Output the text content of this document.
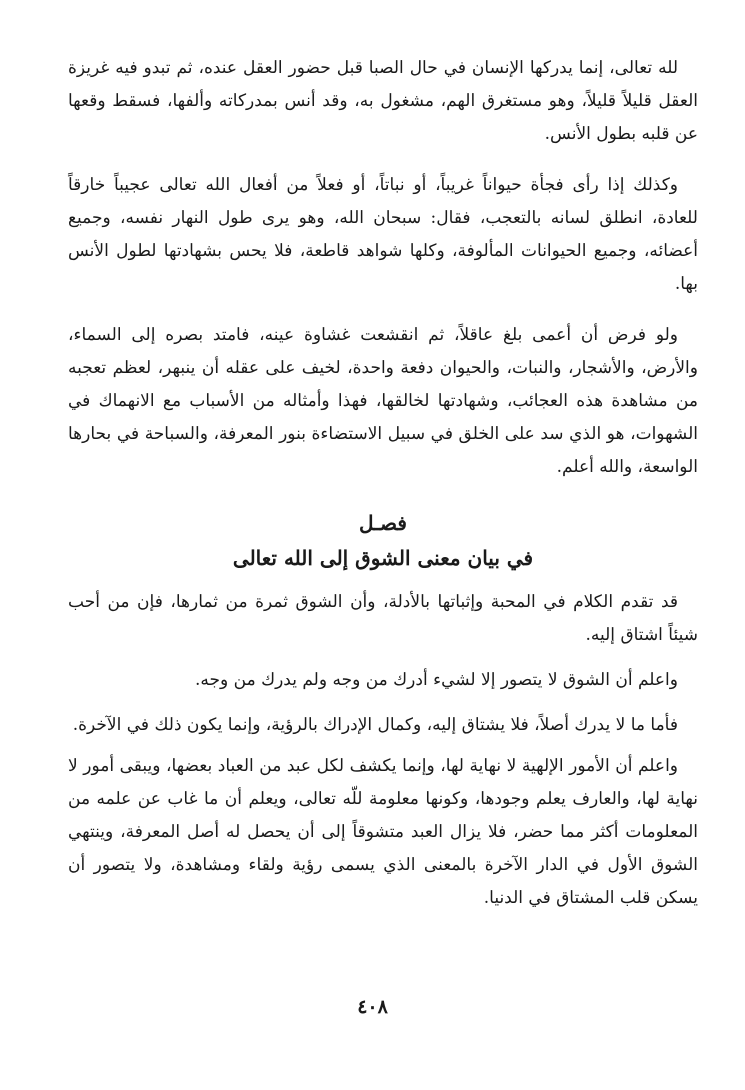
لله تعالى، إنما يدركها الإنسان في حال الصبا قبل حضور العقل عنده، ثم تبدو فيه غريزة العقل قليلاً قليلاً، وهو مستغرق الهم، مشغول به، وقد أنس بمدركاته وألفها، فسقط وقعها عن قلبه بطول الأنس.

وكذلك إذا رأى فجأة حيواناً غريباً، أو نباتاً، أو فعلاً من أفعال الله تعالى عجيباً خارقاً للعادة، انطلق لسانه بالتعجب، فقال: سبحان الله، وهو يرى طول النهار نفسه، وجميع أعضائه، وجميع الحيوانات المألوفة، وكلها شواهد قاطعة، فلا يحس بشهادتها لطول الأنس بها.

ولو فرض أن أعمى بلغ عاقلاً، ثم انقشعت غشاوة عينه، فامتد بصره إلى السماء، والأرض، والأشجار، والنبات، والحيوان دفعة واحدة، لخيف على عقله أن ينبهر، لعظم تعجبه من مشاهدة هذه العجائب، وشهادتها لخالقها، فهذا وأمثاله من الأسباب مع الانهماك في الشهوات، هو الذي سد على الخلق في سبيل الاستضاءة بنور المعرفة، والسباحة في بحارها الواسعة، والله أعلم.

فصـل

في بيان معنى الشوق إلى الله تعالى

قد تقدم الكلام في المحبة وإثباتها بالأدلة، وأن الشوق ثمرة من ثمارها، فإن من أحب شيئاً اشتاق إليه.

واعلم أن الشوق لا يتصور إلا لشيء أدرك من وجه ولم يدرك من وجه.

فأما ما لا يدرك أصلاً، فلا يشتاق إليه، وكمال الإدراك بالرؤية، وإنما يكون ذلك في الآخرة.

واعلم أن الأمور الإلهية لا نهاية لها، وإنما يكشف لكل عبد من العباد بعضها، ويبقى أمور لا نهاية لها، والعارف يعلم وجودها، وكونها معلومة للّه تعالى، ويعلم أن ما غاب عن علمه من المعلومات أكثر مما حضر، فلا يزال العبد متشوقاً إلى أن يحصل له أصل المعرفة، وينتهي الشوق الأول في الدار الآخرة بالمعنى الذي يسمى رؤية ولقاء ومشاهدة، ولا يتصور أن يسكن قلب المشتاق في الدنيا.

٤٠٨
